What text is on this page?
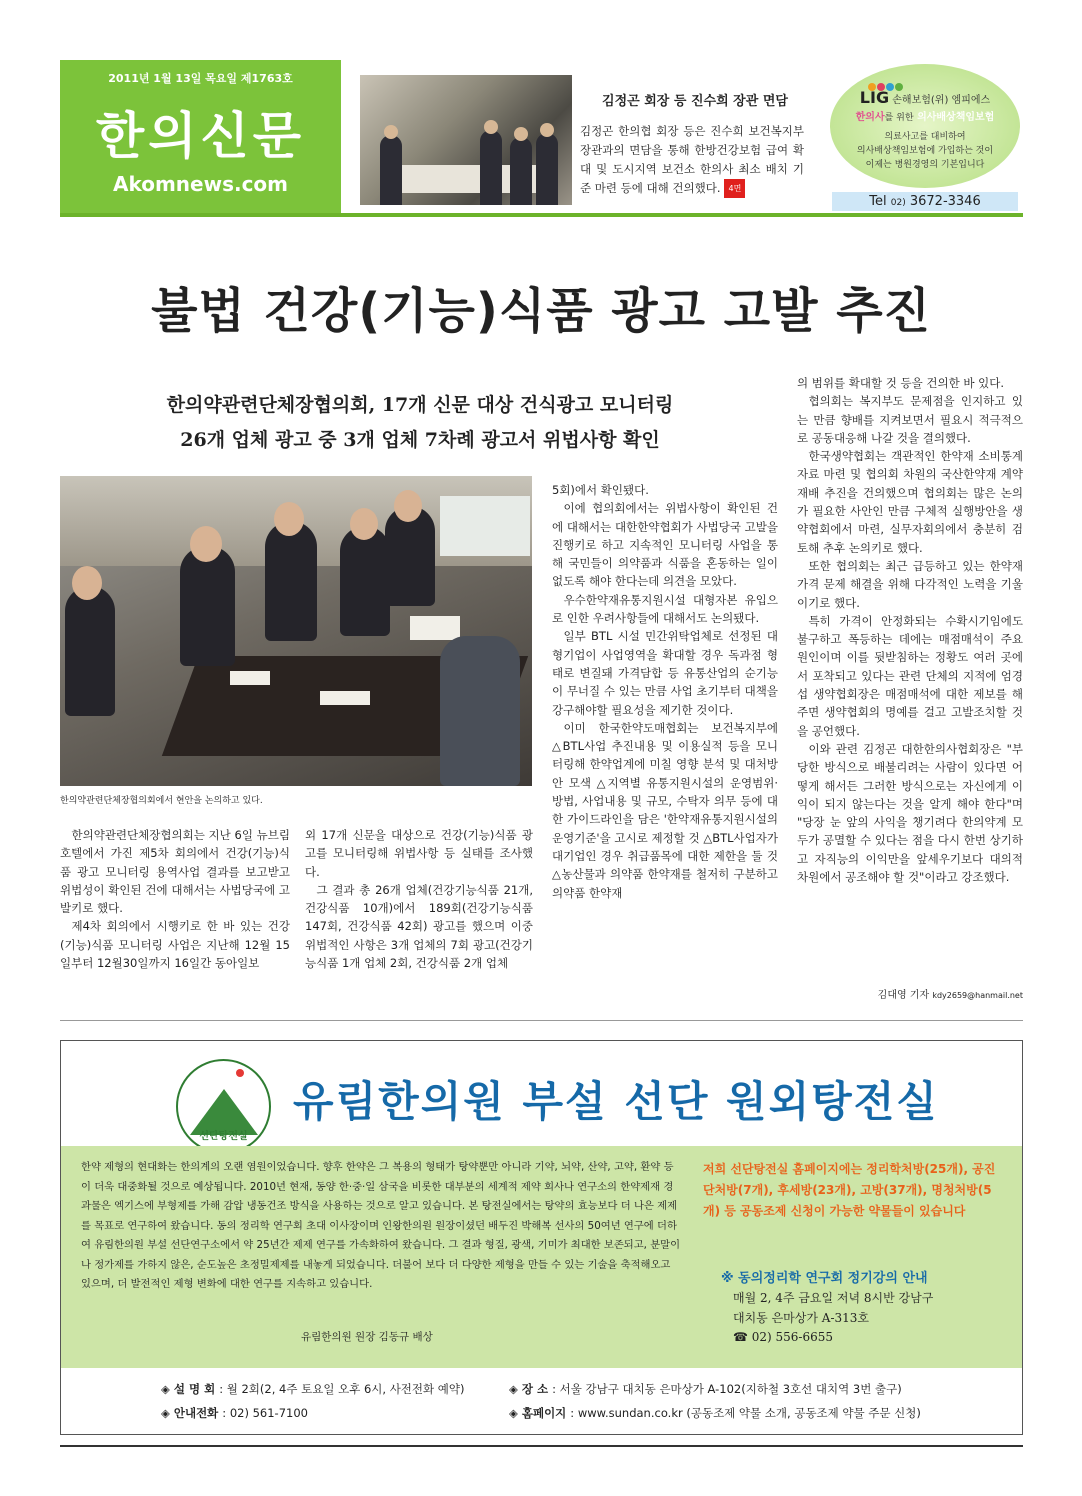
2011년 1월 13일 목요일 제1763호
한의신문
Akomnews.com
김정곤 회장 등 진수희 장관 면담
김정곤 한의협 회장 등은 진수희 보건복지부 장관과의 면담을 통해 한방건강보험 급여 확대 및 도시지역 보건소 한의사 최소 배치 기준 마련 등에 대해 건의했다. 4면
LIG 손해보험(위) 엠피에스
한의사를 위한 의사배상책임보험
의료사고를 대비하여
의사배상책임보험에 가입하는 것이
이제는 병원경영의 기본입니다
Tel 02) 3672-3346
불법 건강(기능)식품 광고 고발 추진
한의약관련단체장협의회, 17개 신문 대상 건식광고 모니터링
26개 업체 광고 중 3개 업체 7차례 광고서 위법사항 확인
한의약관련단체장협의회에서 현안을 논의하고 있다.

한의약관련단체장협의회는 지난 6일 뉴브림호텔에서 가진 제5차 회의에서 건강(기능)식품 광고 모니터링 용역사업 결과를 보고받고 위법성이 확인된 건에 대해서는 사법당국에 고발키로 했다.

제4차 회의에서 시행키로 한 바 있는 건강(기능)식품 모니터링 사업은 지난해 12월 15일부터 12월30일까지 16일간 동아일보

외 17개 신문을 대상으로 건강(기능)식품 광고를 모니터링해 위법사항 등 실태를 조사했다.

그 결과 총 26개 업체(건강기능식품 21개, 건강식품 10개)에서 189회(건강기능식품 147회, 건강식품 42회) 광고를 했으며 이중 위법적인 사항은 3개 업체의 7회 광고(건강기능식품 1개 업체 2회, 건강식품 2개 업체

5회)에서 확인됐다.

이에 협의회에서는 위법사항이 확인된 건에 대해서는 대한한약협회가 사법당국 고발을 진행키로 하고 지속적인 모니터링 사업을 통해 국민들이 의약품과 식품을 혼동하는 일이 없도록 해야 한다는데 의견을 모았다.

우수한약재유통지원시설 대형자본 유입으로 인한 우려사항들에 대해서도 논의됐다.

일부 BTL 시설 민간위탁업체로 선정된 대형기업이 사업영역을 확대할 경우 독과점 형태로 변질돼 가격담합 등 유통산업의 순기능이 무너질 수 있는 만큼 사업 초기부터 대책을 강구해야할 필요성을 제기한 것이다.

이미 한국한약도매협회는 보건복지부에 △BTL사업 추진내용 및 이용실적 등을 모니터링해 한약업계에 미칠 영향 분석 및 대처방안 모색 △지역별 유통지원시설의 운영범위·방법, 사업내용 및 규모, 수탁자 의무 등에 대한 가이드라인을 담은 '한약재유통지원시설의 운영기준'을 고시로 제정할 것 △BTL사업자가 대기업인 경우 취급품목에 대한 제한을 둘 것 △농산물과 의약품 한약재를 철저히 구분하고 의약품 한약재

의 범위를 확대할 것 등을 건의한 바 있다.

협의회는 복지부도 문제점을 인지하고 있는 만큼 향배를 지켜보면서 필요시 적극적으로 공동대응해 나갈 것을 결의했다.

한국생약협회는 객관적인 한약재 소비통계자료 마련 및 협의회 차원의 국산한약재 계약재배 추진을 건의했으며 협의회는 많은 논의가 필요한 사안인 만큼 구체적 실행방안을 생약협회에서 마련, 실무자회의에서 충분히 검토해 추후 논의키로 했다.

또한 협의회는 최근 급등하고 있는 한약재 가격 문제 해결을 위해 다각적인 노력을 기울이기로 했다.

특히 가격이 안정화되는 수확시기임에도 불구하고 폭등하는 데에는 매점매석이 주요 원인이며 이를 뒷받침하는 정황도 여러 곳에서 포착되고 있다는 관련 단체의 지적에 엄경섭 생약협회장은 매점매석에 대한 제보를 해주면 생약협회의 명예를 걸고 고발조치할 것을 공언했다.

이와 관련 김정곤 대한한의사협회장은 "부당한 방식으로 배불리려는 사람이 있다면 어떻게 해서든 그러한 방식으로는 자신에게 이익이 되지 않는다는 것을 알게 해야 한다"며 "당장 눈 앞의 사익을 챙기려다 한의약계 모두가 공멸할 수 있다는 점을 다시 한번 상기하고 자직능의 이익만을 앞세우기보다 대의적 차원에서 공조해야 할 것"이라고 강조했다.

김대영 기자 kdy2659@hanmail.net
선단탕전실
유림한의원 부설 선단 원외탕전실
한약 제형의 현대화는 한의계의 오랜 염원이었습니다. 향후 한약은 그 복용의 형태가 탕약뿐만 아니라 기약, 뇌약, 산약, 고약, 환약 등이 더욱 대중화될 것으로 예상됩니다. 2010년 현재, 동양 한·중·일 삼국을 비롯한 대부분의 세계적 제약 회사나 연구소의 한약제재 경과물은 엑기스에 부형제를 가해 감압 냉동건조 방식을 사용하는 것으로 알고 있습니다. 본 탕전실에서는 탕약의 효능보다 더 나은 제제를 목표로 연구하여 왔습니다. 동의 정리학 연구회 초대 이사장이며 인왕한의원 원장이셨던 배두진 박해복 선사의 50여년 연구에 더하여 유림한의원 부설 선단연구소에서 약 25년간 제제 연구를 가속화하여 왔습니다. 그 결과 형질, 광색, 기미가 최대한 보존되고, 분말이나 정가제를 가하지 않은, 순도높은 초정밀제제를 내놓게 되었습니다. 더불어 보다 더 다양한 제형을 만들 수 있는 기술을 축적해오고 있으며, 더 발전적인 제형 변화에 대한 연구를 지속하고 있습니다.
유림한의원 원장 김동규 배상
저희 선단탕전실 홈페이지에는 정리학처방(25개), 공진단처방(7개), 후세방(23개), 고방(37개), 명청처방(5개) 등 공동조제 신청이 가능한 약물들이 있습니다
※ 동의정리학 연구회 정기강의 안내
매월 2, 4주 금요일 저녁 8시반 강남구
대치동 은마상가 A-313호
☎ 02) 556-6655
◈ 설 명 회 : 월 2회(2, 4주 토요일 오후 6시, 사전전화 예약)	◈ 장 소 : 서울 강남구 대치동 은마상가 A-102(지하철 3호선 대치역 3번 출구)
◈ 안내전화 : 02) 561-7100	◈ 홈페이지 : www.sundan.co.kr (공동조제 약물 소개, 공동조제 약물 주문 신청)
